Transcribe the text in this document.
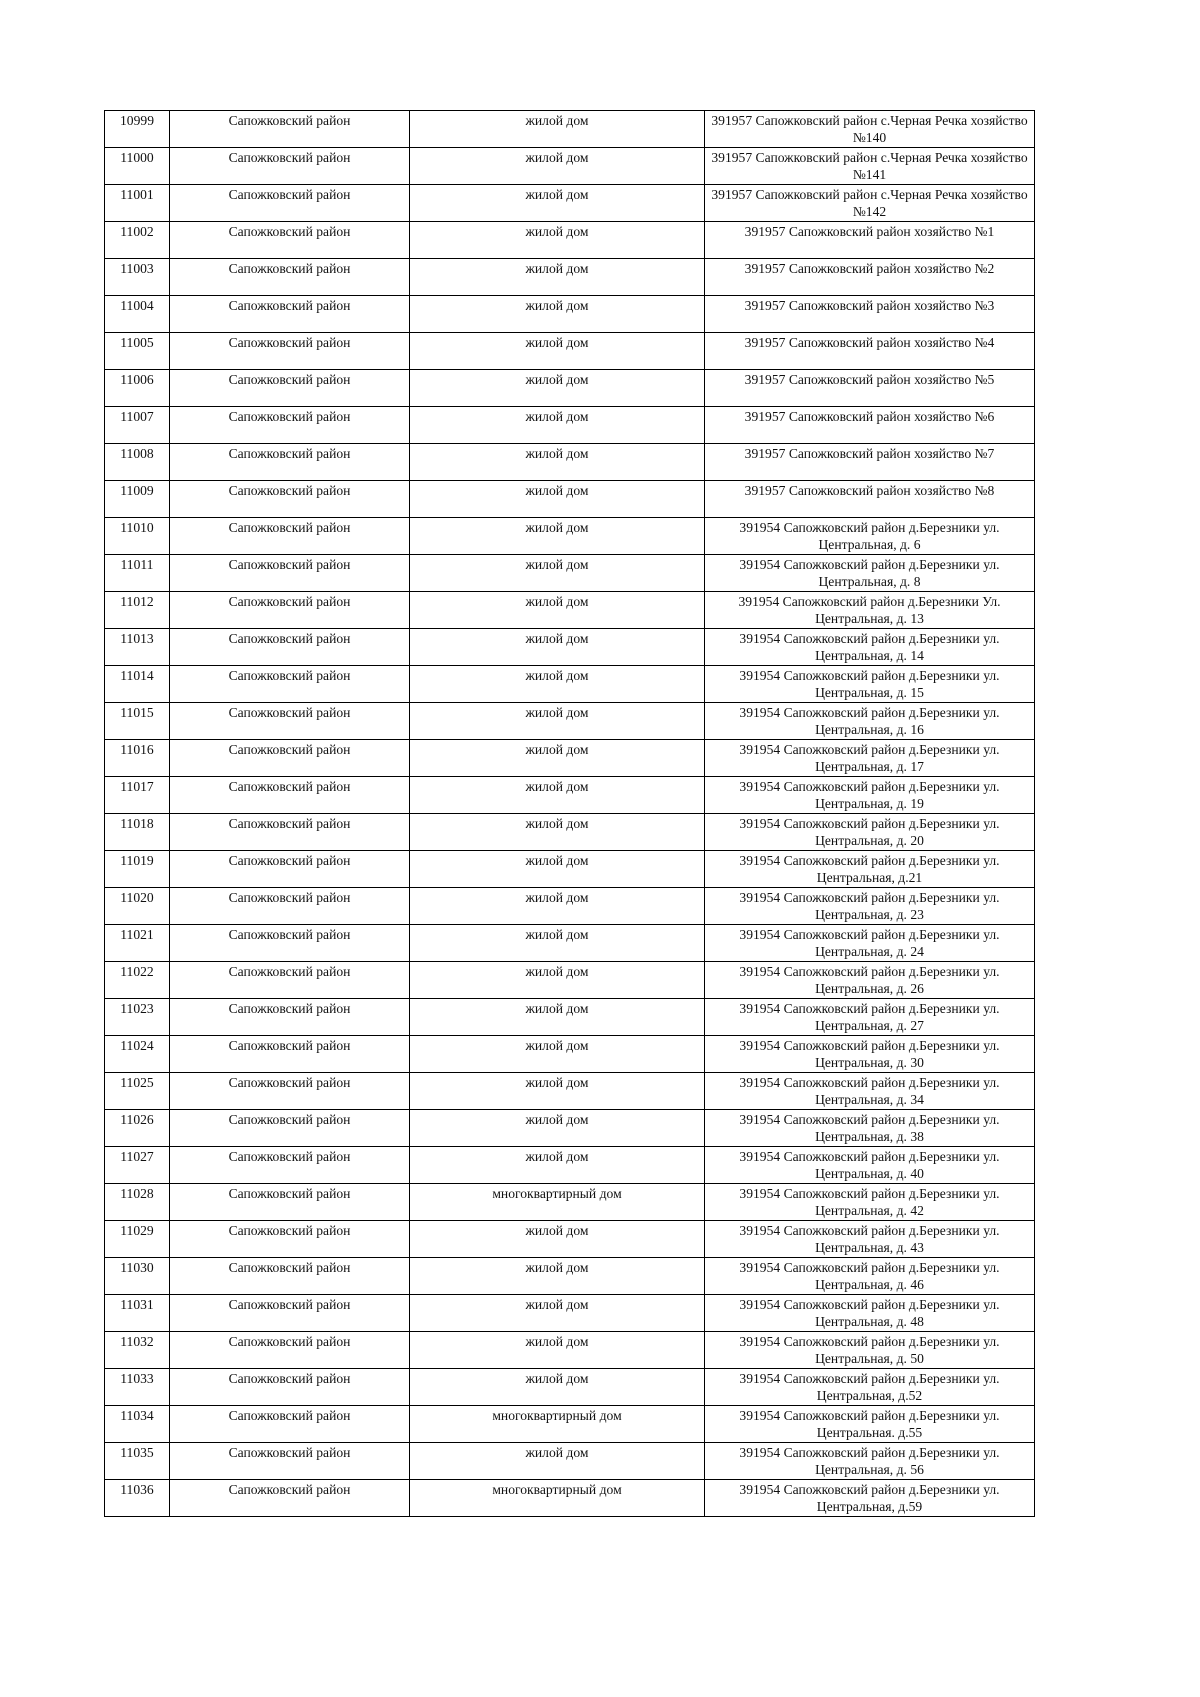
10999	Сапожковский район	жилой дом	391957 Сапожковский район с.Черная Речка хозяйство №140
11000	Сапожковский район	жилой дом	391957 Сапожковский район с.Черная Речка хозяйство №141
11001	Сапожковский район	жилой дом	391957 Сапожковский район с.Черная Речка хозяйство №142
11002	Сапожковский район	жилой дом	391957 Сапожковский район хозяйство №1
11003	Сапожковский район	жилой дом	391957 Сапожковский район хозяйство №2
11004	Сапожковский район	жилой дом	391957 Сапожковский район хозяйство №3
11005	Сапожковский район	жилой дом	391957 Сапожковский район хозяйство №4
11006	Сапожковский район	жилой дом	391957 Сапожковский район хозяйство №5
11007	Сапожковский район	жилой дом	391957 Сапожковский район хозяйство №6
11008	Сапожковский район	жилой дом	391957 Сапожковский район хозяйство №7
11009	Сапожковский район	жилой дом	391957 Сапожковский район хозяйство №8
11010	Сапожковский район	жилой дом	391954 Сапожковский район д.Березники ул. Центральная, д. 6
11011	Сапожковский район	жилой дом	391954 Сапожковский район д.Березники ул. Центральная, д. 8
11012	Сапожковский район	жилой дом	391954 Сапожковский район д.Березники Ул. Центральная, д. 13
11013	Сапожковский район	жилой дом	391954 Сапожковский район д.Березники ул. Центральная, д. 14
11014	Сапожковский район	жилой дом	391954 Сапожковский район д.Березники ул. Центральная, д. 15
11015	Сапожковский район	жилой дом	391954 Сапожковский район д.Березники ул. Центральная, д. 16
11016	Сапожковский район	жилой дом	391954 Сапожковский район д.Березники ул. Центральная, д. 17
11017	Сапожковский район	жилой дом	391954 Сапожковский район д.Березники ул. Центральная, д. 19
11018	Сапожковский район	жилой дом	391954 Сапожковский район д.Березники ул. Центральная, д. 20
11019	Сапожковский район	жилой дом	391954 Сапожковский район д.Березники ул. Центральная, д.21
11020	Сапожковский район	жилой дом	391954 Сапожковский район д.Березники ул. Центральная, д. 23
11021	Сапожковский район	жилой дом	391954 Сапожковский район д.Березники ул. Центральная, д. 24
11022	Сапожковский район	жилой дом	391954 Сапожковский район д.Березники ул. Центральная, д. 26
11023	Сапожковский район	жилой дом	391954 Сапожковский район д.Березники ул. Центральная, д. 27
11024	Сапожковский район	жилой дом	391954 Сапожковский район д.Березники ул. Центральная, д. 30
11025	Сапожковский район	жилой дом	391954 Сапожковский район д.Березники ул. Центральная, д. 34
11026	Сапожковский район	жилой дом	391954 Сапожковский район д.Березники ул. Центральная, д. 38
11027	Сапожковский район	жилой дом	391954 Сапожковский район д.Березники ул. Центральная, д. 40
11028	Сапожковский район	многоквартирный дом	391954 Сапожковский район д.Березники ул. Центральная, д. 42
11029	Сапожковский район	жилой дом	391954 Сапожковский район д.Березники ул. Центральная, д. 43
11030	Сапожковский район	жилой дом	391954 Сапожковский район д.Березники ул. Центральная, д. 46
11031	Сапожковский район	жилой дом	391954 Сапожковский район д.Березники ул. Центральная, д. 48
11032	Сапожковский район	жилой дом	391954 Сапожковский район д.Березники ул. Центральная, д. 50
11033	Сапожковский район	жилой дом	391954 Сапожковский район д.Березники ул. Центральная, д.52
11034	Сапожковский район	многоквартирный дом	391954 Сапожковский район д.Березники ул. Центральная. д.55
11035	Сапожковский район	жилой дом	391954 Сапожковский район д.Березники ул. Центральная, д. 56
11036	Сапожковский район	многоквартирный дом	391954 Сапожковский район д.Березники ул. Центральная, д.59
